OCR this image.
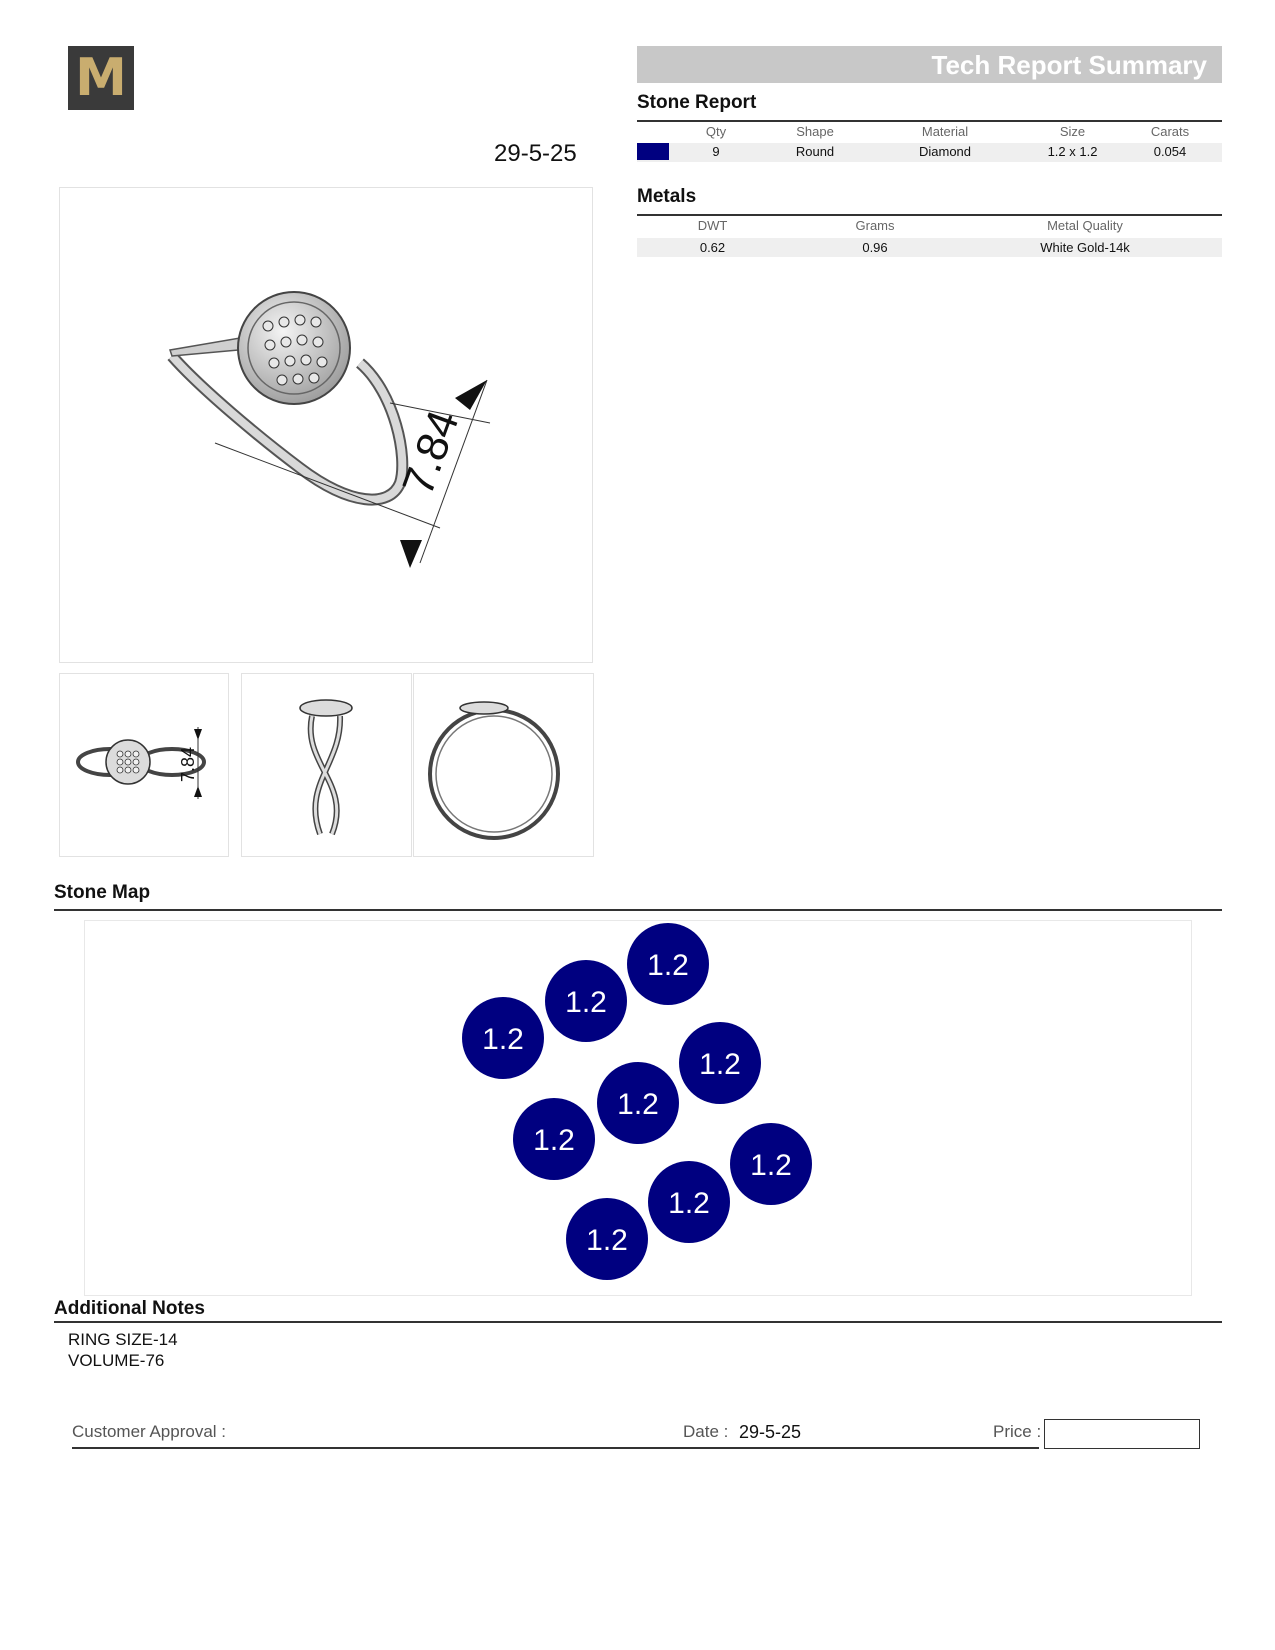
M
29-5-25
7.84
7.84
Tech Report Summary
Stone Report
Qty	Shape	Material	Size	Carats
9	Round	Diamond	1.2 x 1.2	0.054
Metals
DWT	Grams	Metal Quality
0.62	0.96	White Gold-14k
Stone Map
1.2
1.2
1.2
1.2
1.2
1.2
1.2
1.2
1.2
Additional Notes
RING SIZE-14
VOLUME-76
Customer Approval :	Date : 29-5-25	Price :
